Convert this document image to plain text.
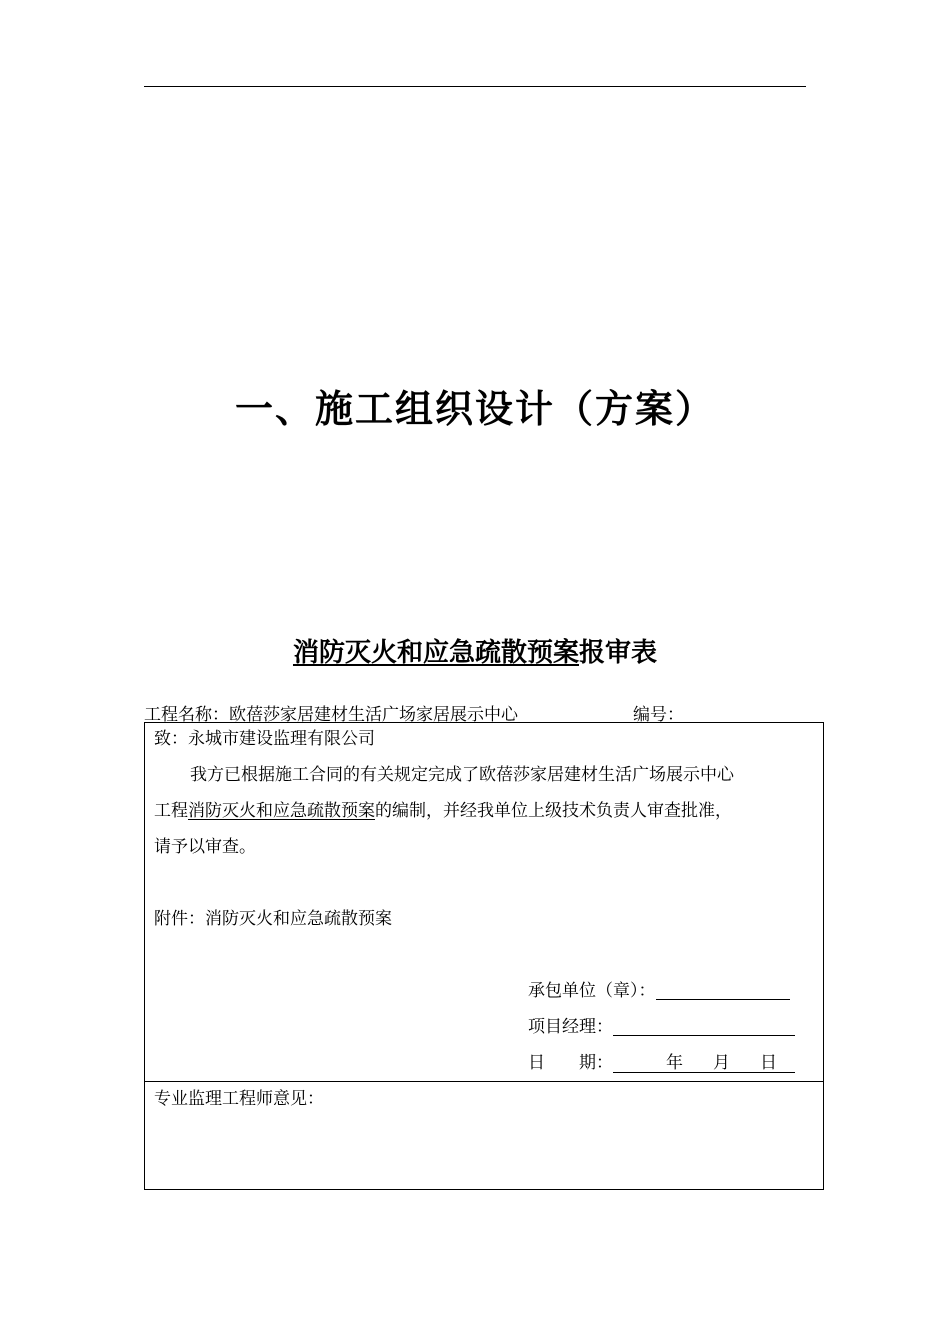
一、施工组织设计（方案）
消防灭火和应急疏散预案报审表
工程名称：欧蓓莎家居建材生活广场家居展示中心	编号：
致：永城市建设监理有限公司
我方已根据施工合同的有关规定完成了欧蓓莎家居建材生活广场展示中心
工程消防灭火和应急疏散预案的编制，并经我单位上级技术负责人审查批准，
请予以审查。
附件：消防灭火和应急疏散预案
承包单位（章）：
项目经理：
日　　期：	年 月 日
专业监理工程师意见：
